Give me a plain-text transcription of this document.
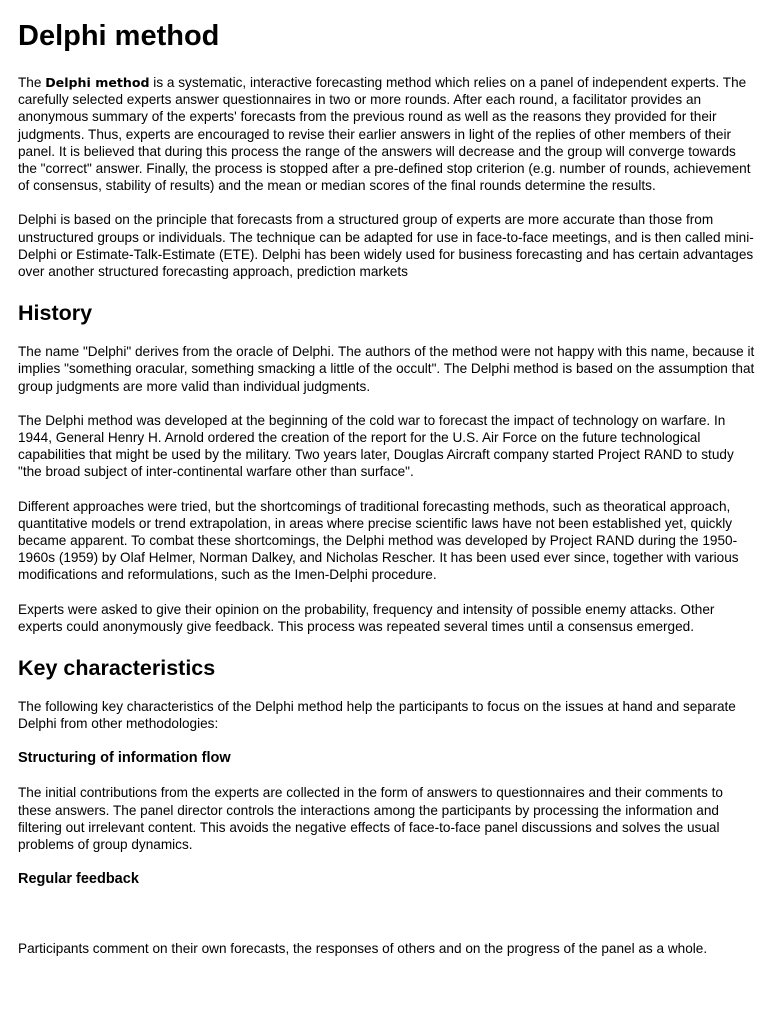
Delphi method

The Delphi method is a systematic, interactive forecasting method which relies on a panel of independent experts. The carefully selected experts answer questionnaires in two or more rounds. After each round, a facilitator provides an anonymous summary of the experts' forecasts from the previous round as well as the reasons they provided for their judgments. Thus, experts are encouraged to revise their earlier answers in light of the replies of other members of their panel. It is believed that during this process the range of the answers will decrease and the group will converge towards the "correct" answer. Finally, the process is stopped after a pre-defined stop criterion (e.g. number of rounds, achievement of consensus, stability of results) and the mean or median scores of the final rounds determine the results.

Delphi is based on the principle that forecasts from a structured group of experts are more accurate than those from unstructured groups or individuals. The technique can be adapted for use in face-to-face meetings, and is then called mini-Delphi or Estimate-Talk-Estimate (ETE). Delphi has been widely used for business forecasting and has certain advantages over another structured forecasting approach, prediction markets

History

The name "Delphi" derives from the oracle of Delphi. The authors of the method were not happy with this name, because it implies "something oracular, something smacking a little of the occult". The Delphi method is based on the assumption that group judgments are more valid than individual judgments.

The Delphi method was developed at the beginning of the cold war to forecast the impact of technology on warfare. In 1944, General Henry H. Arnold ordered the creation of the report for the U.S. Air Force on the future technological capabilities that might be used by the military. Two years later, Douglas Aircraft company started Project RAND to study "the broad subject of inter-continental warfare other than surface".

Different approaches were tried, but the shortcomings of traditional forecasting methods, such as theoratical approach, quantitative models or trend extrapolation, in areas where precise scientific laws have not been established yet, quickly became apparent. To combat these shortcomings, the Delphi method was developed by Project RAND during the 1950-1960s (1959) by Olaf Helmer, Norman Dalkey, and Nicholas Rescher. It has been used ever since, together with various modifications and reformulations, such as the Imen-Delphi procedure.

Experts were asked to give their opinion on the probability, frequency and intensity of possible enemy attacks. Other experts could anonymously give feedback. This process was repeated several times until a consensus emerged.

Key characteristics

The following key characteristics of the Delphi method help the participants to focus on the issues at hand and separate Delphi from other methodologies:

Structuring of information flow

The initial contributions from the experts are collected in the form of answers to questionnaires and their comments to these answers. The panel director controls the interactions among the participants by processing the information and filtering out irrelevant content. This avoids the negative effects of face-to-face panel discussions and solves the usual problems of group dynamics.

Regular feedback

Participants comment on their own forecasts, the responses of others and on the progress of the panel as a whole.
